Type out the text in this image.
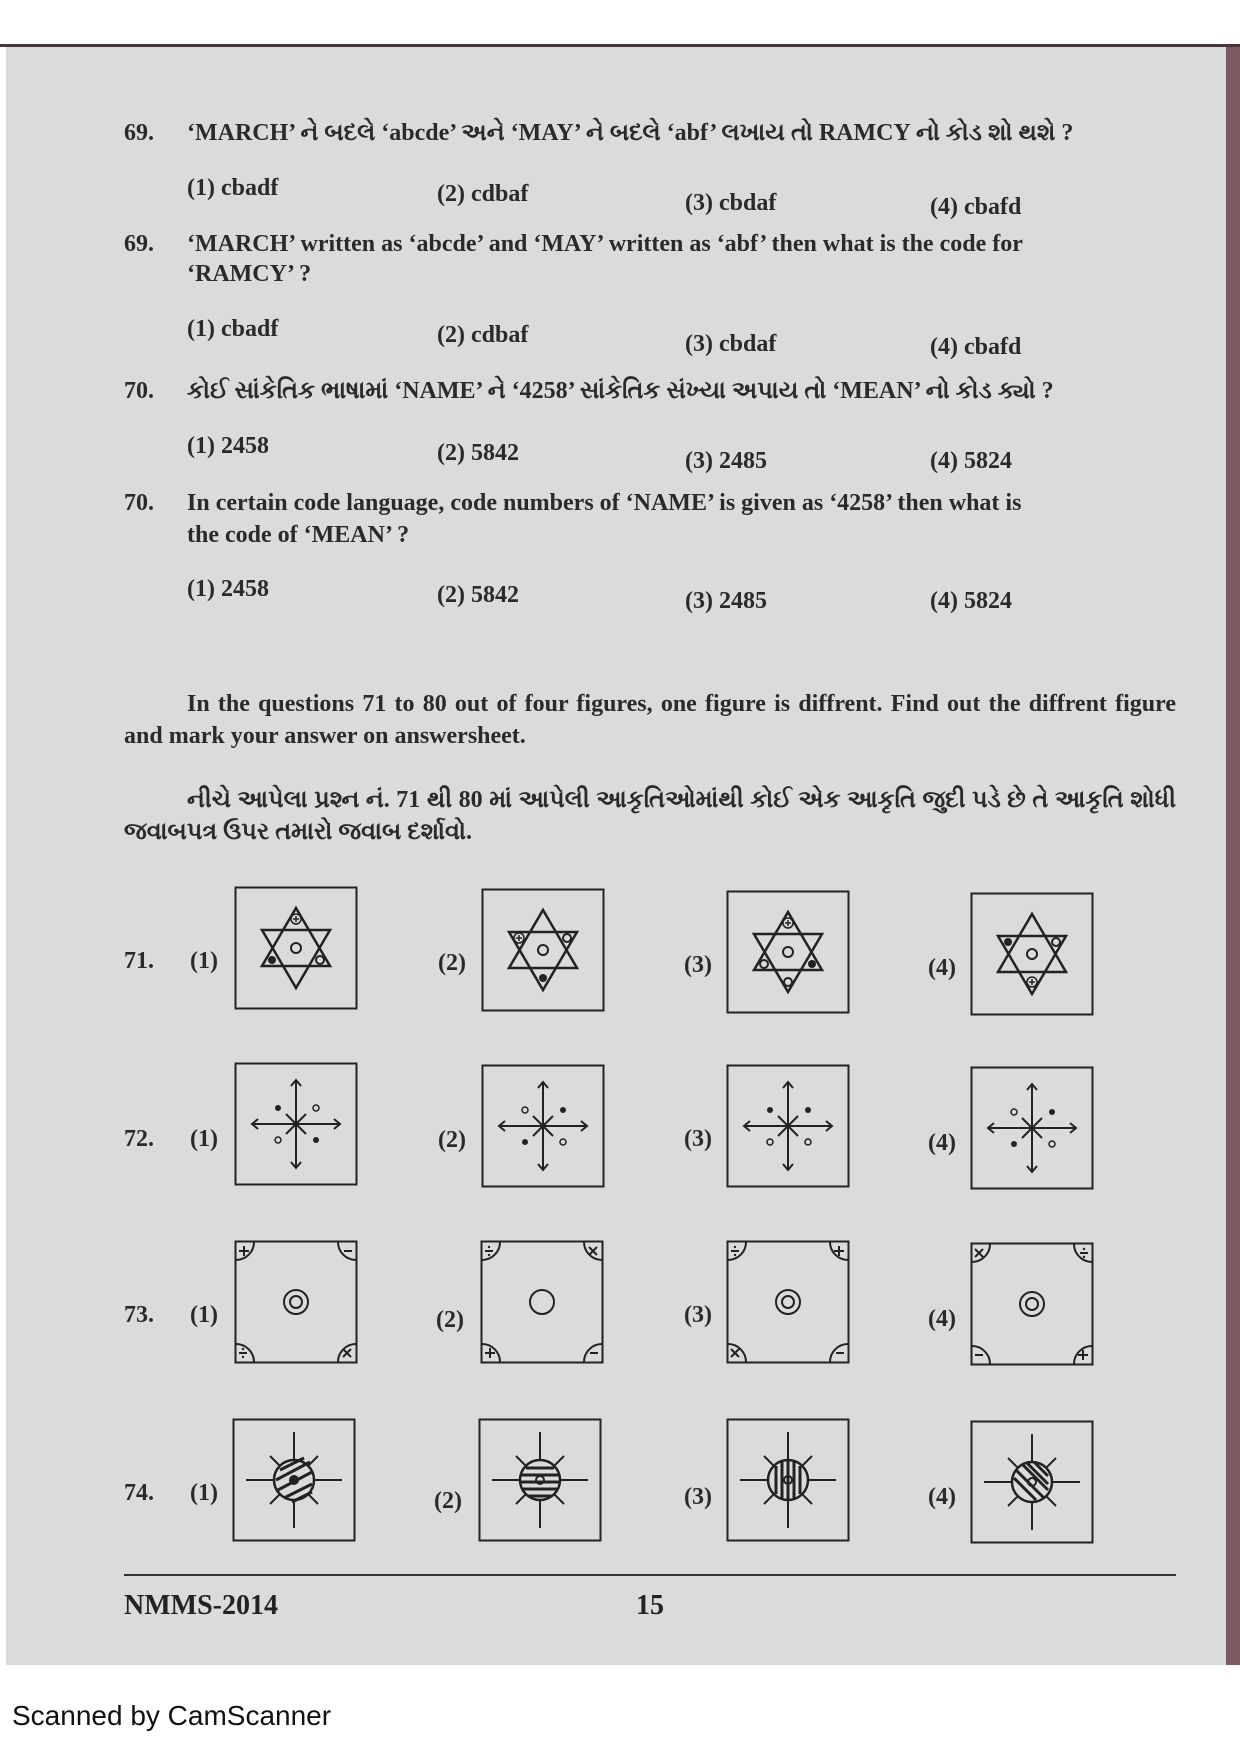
69. ‘MARCH’ ને બદલે ‘abcde’ અને ‘MAY’ ને બદલે ‘abf’ લખાય તો RAMCY નો કોડ શો થશે ?
(1) cbadf	(2) cdbaf	(3) cbdaf	(4) cbafd
69. ‘MARCH’ written as ‘abcde’ and ‘MAY’ written as ‘abf’ then what is the code for
‘RAMCY’ ?
(1) cbadf	(2) cdbaf	(3) cbdaf	(4) cbafd
70. કોઈ સાંકેતિક ભાષામાં ‘NAME’ ને ‘4258’ સાંકેતિક સંખ્યા અપાય તો ‘MEAN’ નો કોડ ક્યો ?
(1) 2458	(2) 5842	(3) 2485	(4) 5824
70. In certain code language, code numbers of ‘NAME’ is given as ‘4258’ then what is
the code of ‘MEAN’ ?
(1) 2458	(2) 5842	(3) 2485	(4) 5824
In the questions 71 to 80 out of four figures, one figure is diffrent. Find out the diffrent figure and mark your answer on answersheet.
નીચે આપેલા પ્રશ્ન નં. 71 થી 80 માં આપેલી આકૃતિઓમાંથી કોઈ એક આકૃતિ જુદી પડે છે તે આકૃતિ શોધી જવાબપત્ર ઉપર તમારો જવાબ દર્શાવો.
71. (1)	(2)	(3)	(4)
72. (1)	(2)	(3)	(4)
73. (1)	(2)	(3)	(4)
74. (1)	(2)	(3)	(4)
NMMS-2014	15
Scanned by CamScanner
